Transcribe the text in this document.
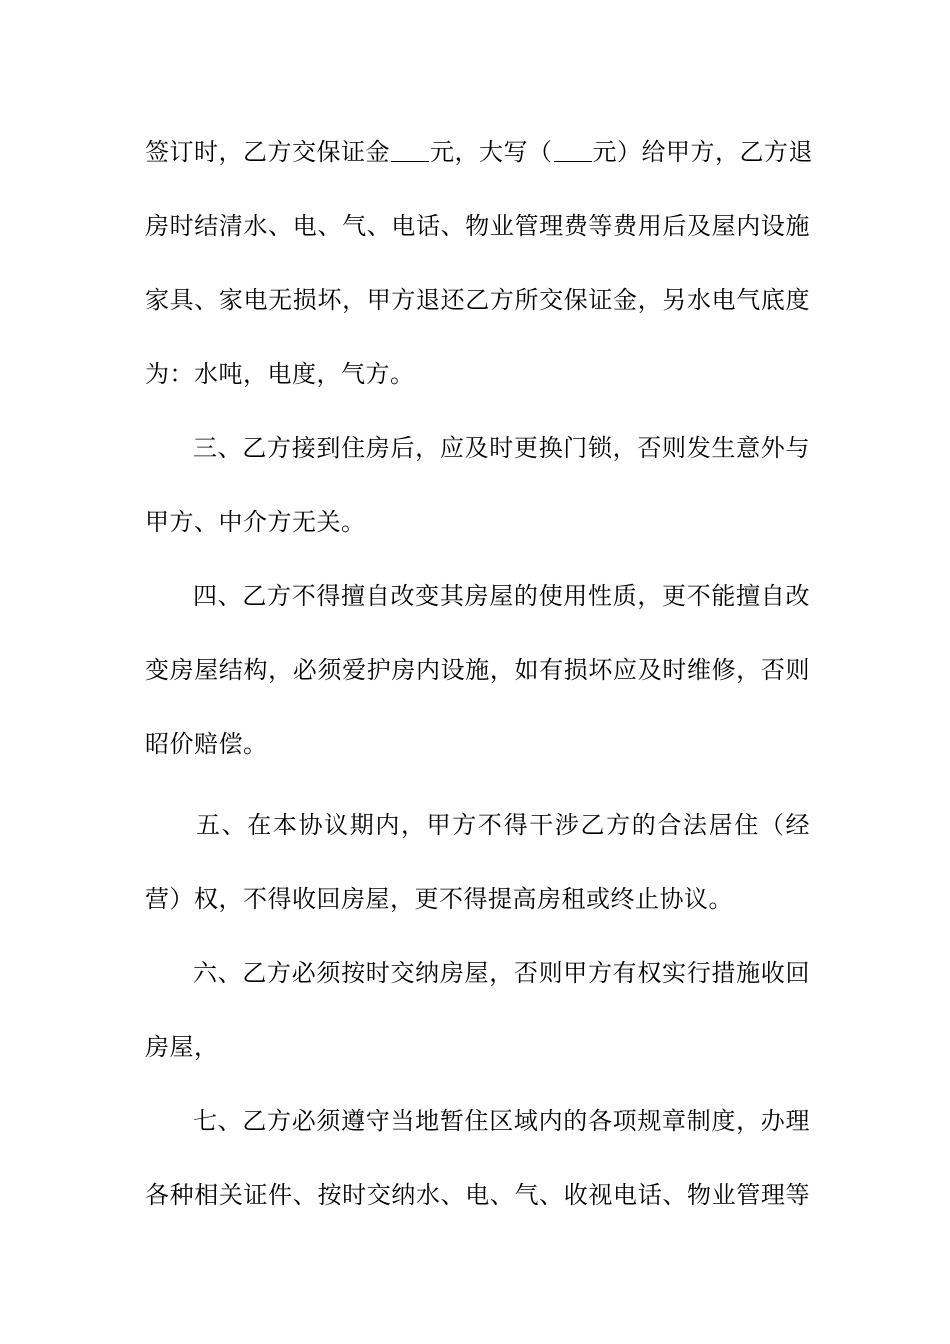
签订时，乙方交保证金 元，大写（ 元）给甲方，乙方退

房时结清水、电、气、电话、物业管理费等费用后及屋内设施

家具、家电无损坏，甲方退还乙方所交保证金，另水电气底度

为：水吨，电度，气方。

三、乙方接到住房后，应及时更换门锁，否则发生意外与

甲方、中介方无关。

四、乙方不得擅自改变其房屋的使用性质，更不能擅自改

变房屋结构，必须爱护房内设施，如有损坏应及时维修，否则

昭价赔偿。

五、在本协议期内，甲方不得干涉乙方的合法居住（经

营）权，不得收回房屋，更不得提高房租或终止协议。

六、乙方必须按时交纳房屋，否则甲方有权实行措施收回

房屋，

七、乙方必须遵守当地暂住区域内的各项规章制度，办理

各种相关证件、按时交纳水、电、气、收视电话、物业管理等
